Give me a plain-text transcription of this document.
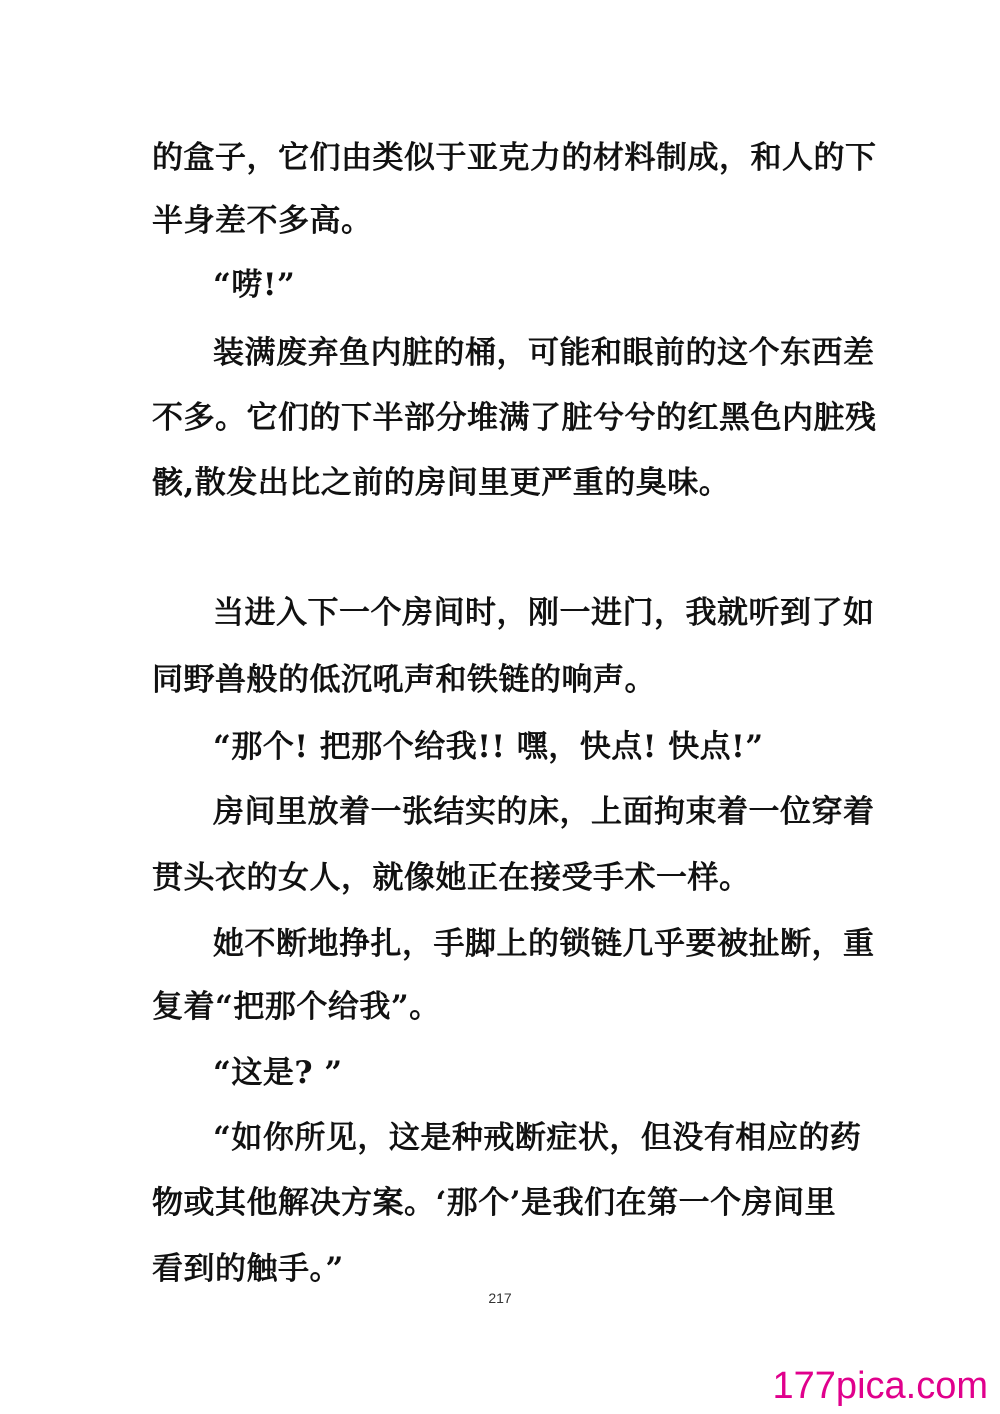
的盒子，它们由类似于亚克力的材料制成，和人的下
半身差不多高。
“唠!”
装满废弃鱼内脏的桶，可能和眼前的这个东西差
不多。它们的下半部分堆满了脏兮兮的红黑色内脏残
骸,散发出比之前的房间里更严重的臭味。
当进入下一个房间时，刚一进门，我就听到了如
同野兽般的低沉吼声和铁链的响声。
“那个! 把那个给我!! 嘿，快点! 快点!”
房间里放着一张结实的床，上面拘束着一位穿着
贯头衣的女人，就像她正在接受手术一样。
她不断地挣扎，手脚上的锁链几乎要被扯断，重
复着“把那个给我”。
“这是? ”
“如你所见，这是种戒断症状，但没有相应的药
物或其他解决方案。‘那个’是我们在第一个房间里
看到的触手。”
217
177pica.com
